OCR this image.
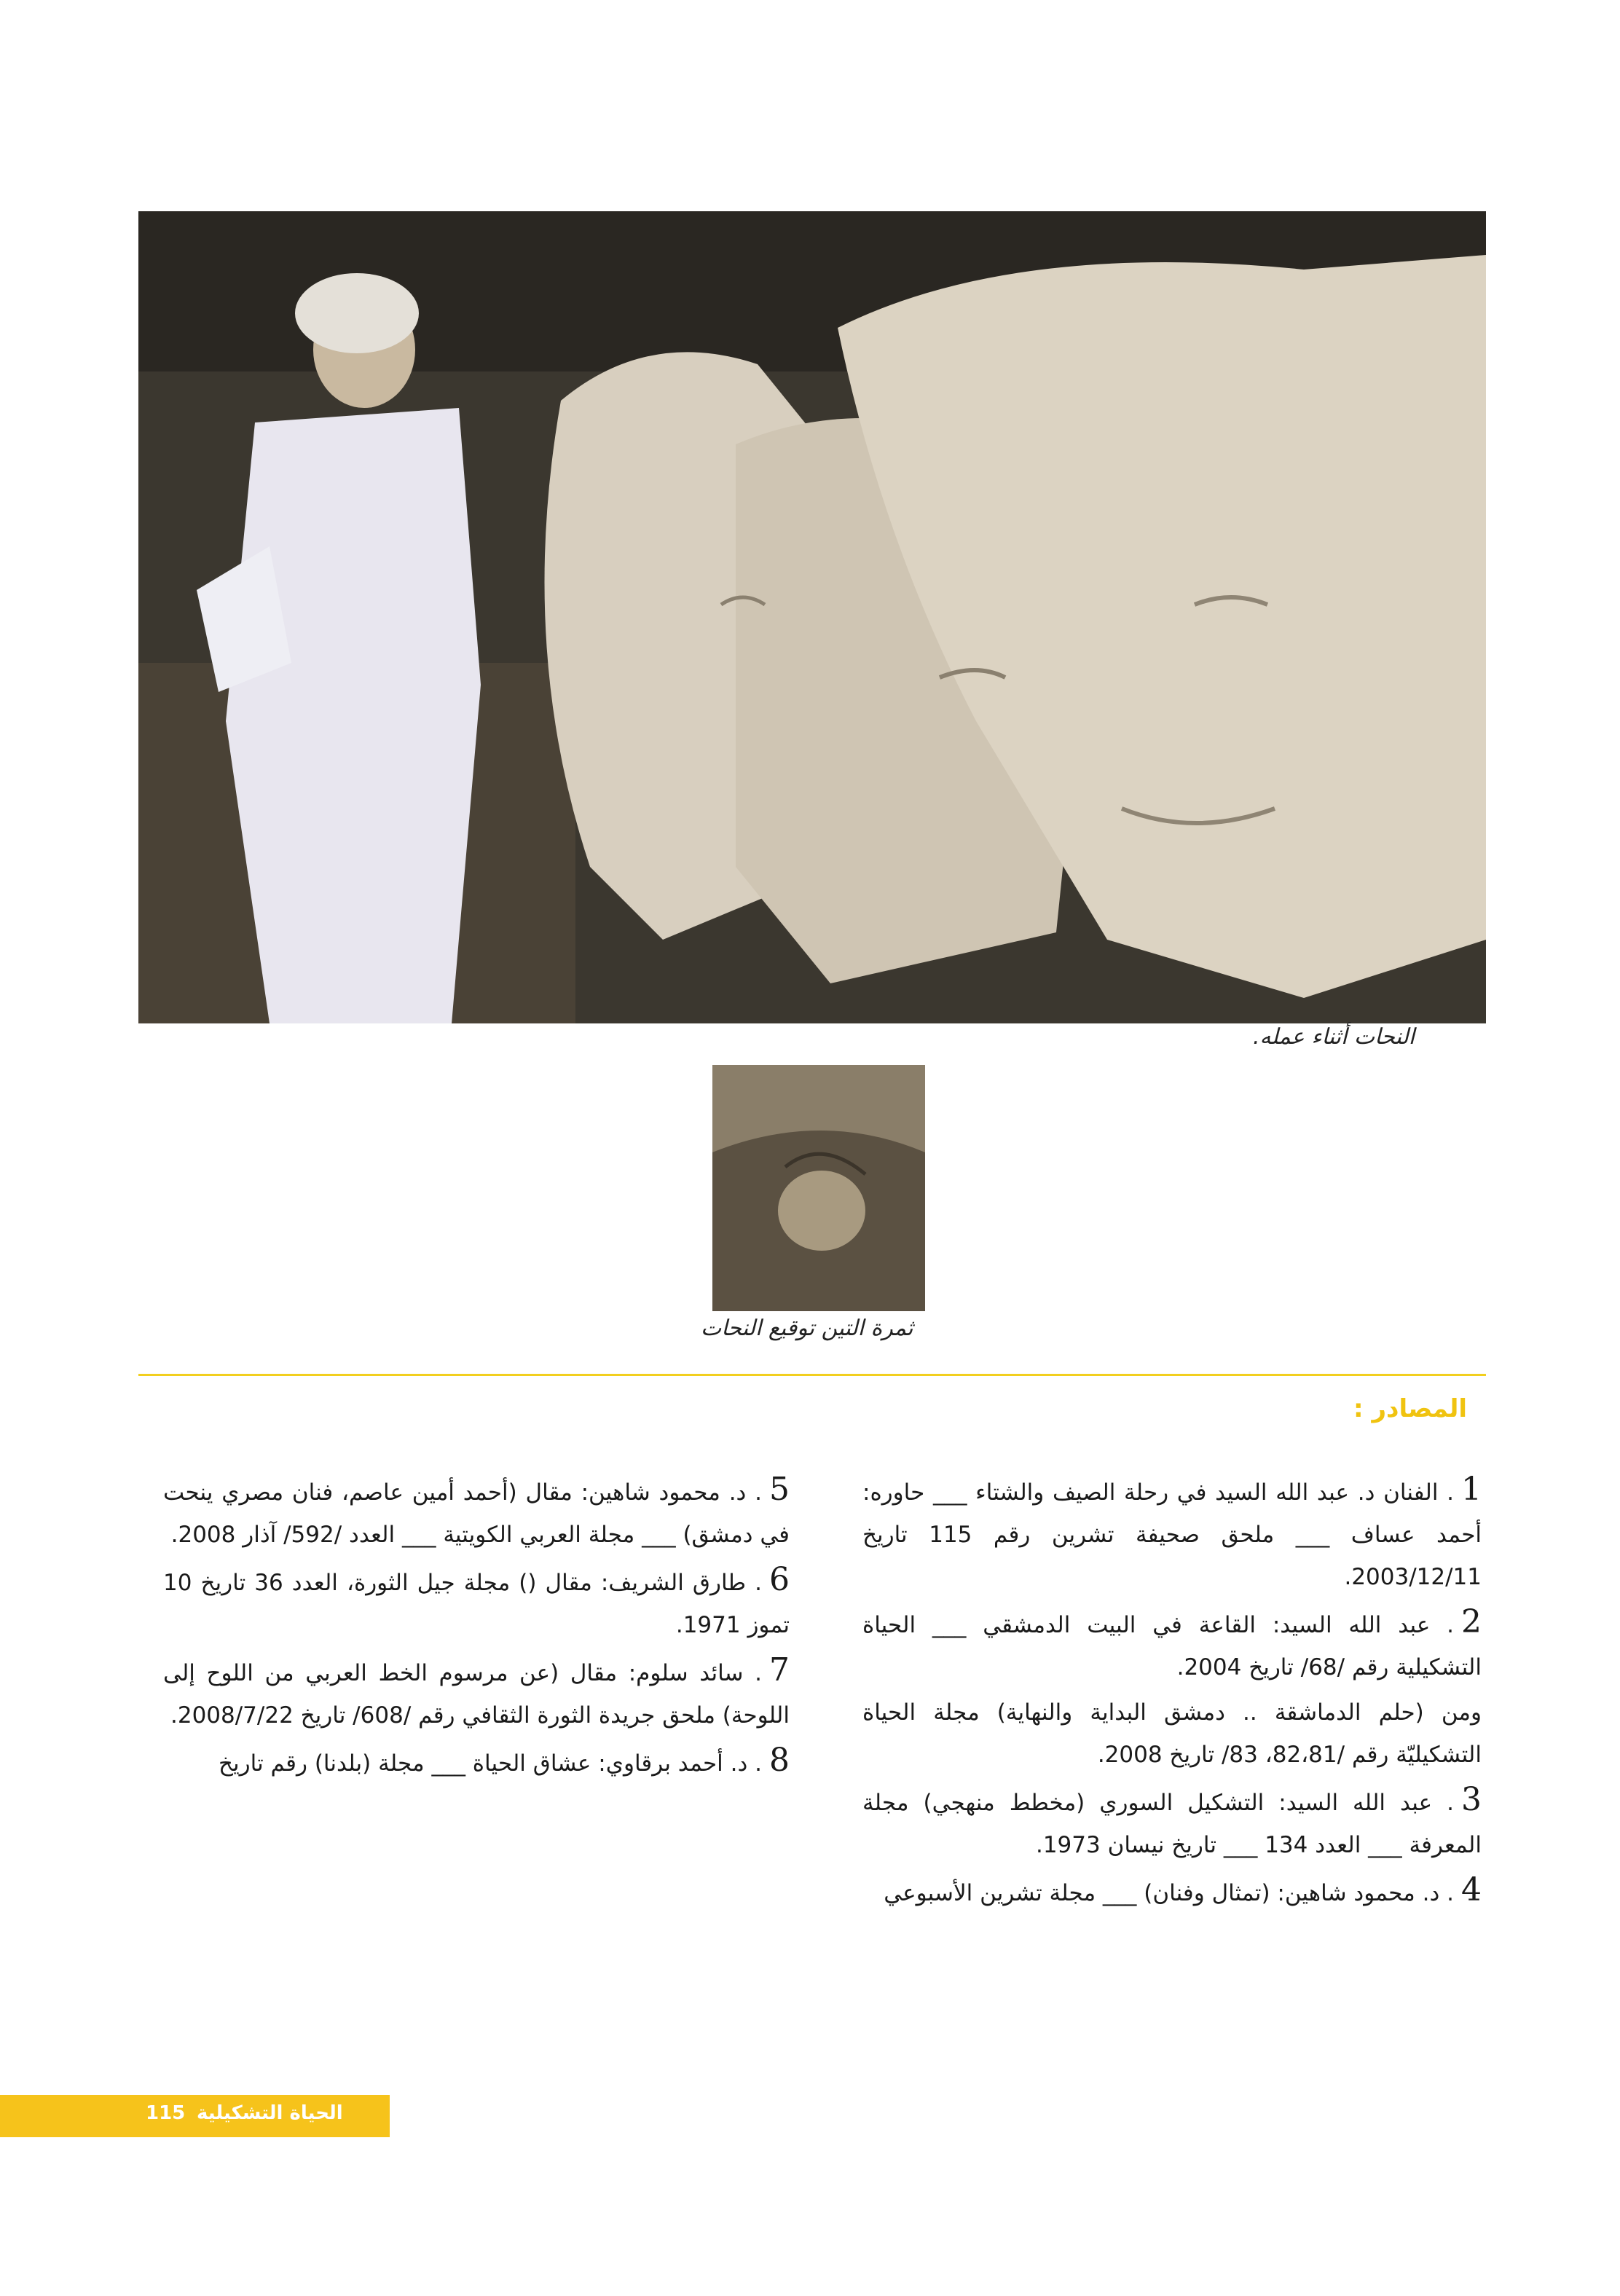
النحات أثناء عمله.
ثمرة التين توقيع النحات
المصادر :

1. الفنان د. عبد الله السيد في رحلة الصيف والشتاء ___ حاوره: أحمد عساف ___ ملحق صحيفة تشرين رقم 115 تاريخ 2003/12/11.

2. عبد الله السيد: القاعة في البيت الدمشقي ___ الحياة التشكيلية رقم /68/ تاريخ 2004.

ومن (حلم الدماشقة .. دمشق البداية والنهاية) مجلة الحياة التشكيليّة رقم /82،81، 83/ تاريخ 2008.

3. عبد الله السيد: التشكيل السوري (مخطط منهجي) مجلة المعرفة ___ العدد 134 ___ تاريخ نيسان 1973.

4. د. محمود شاهين: (تمثال وفنان) ___ مجلة تشرين الأسبوعي

5. د. محمود شاهين: مقال (أحمد أمين عاصم، فنان مصري ينحت في دمشق) ___ مجلة العربي الكويتية ___ العدد /592/ آذار 2008.

6. طارق الشريف: مقال () مجلة جيل الثورة، العدد 36 تاريخ 10 تموز 1971.

7. سائد سلوم: مقال (عن مرسوم الخط العربي من اللوح إلى اللوحة) ملحق جريدة الثورة الثقافي رقم /608/ تاريخ 2008/7/22.

8. د. أحمد برقاوي: عشاق الحياة ___ مجلة (بلدنا) رقم تاريخ

115 الحياة التشكيلية
